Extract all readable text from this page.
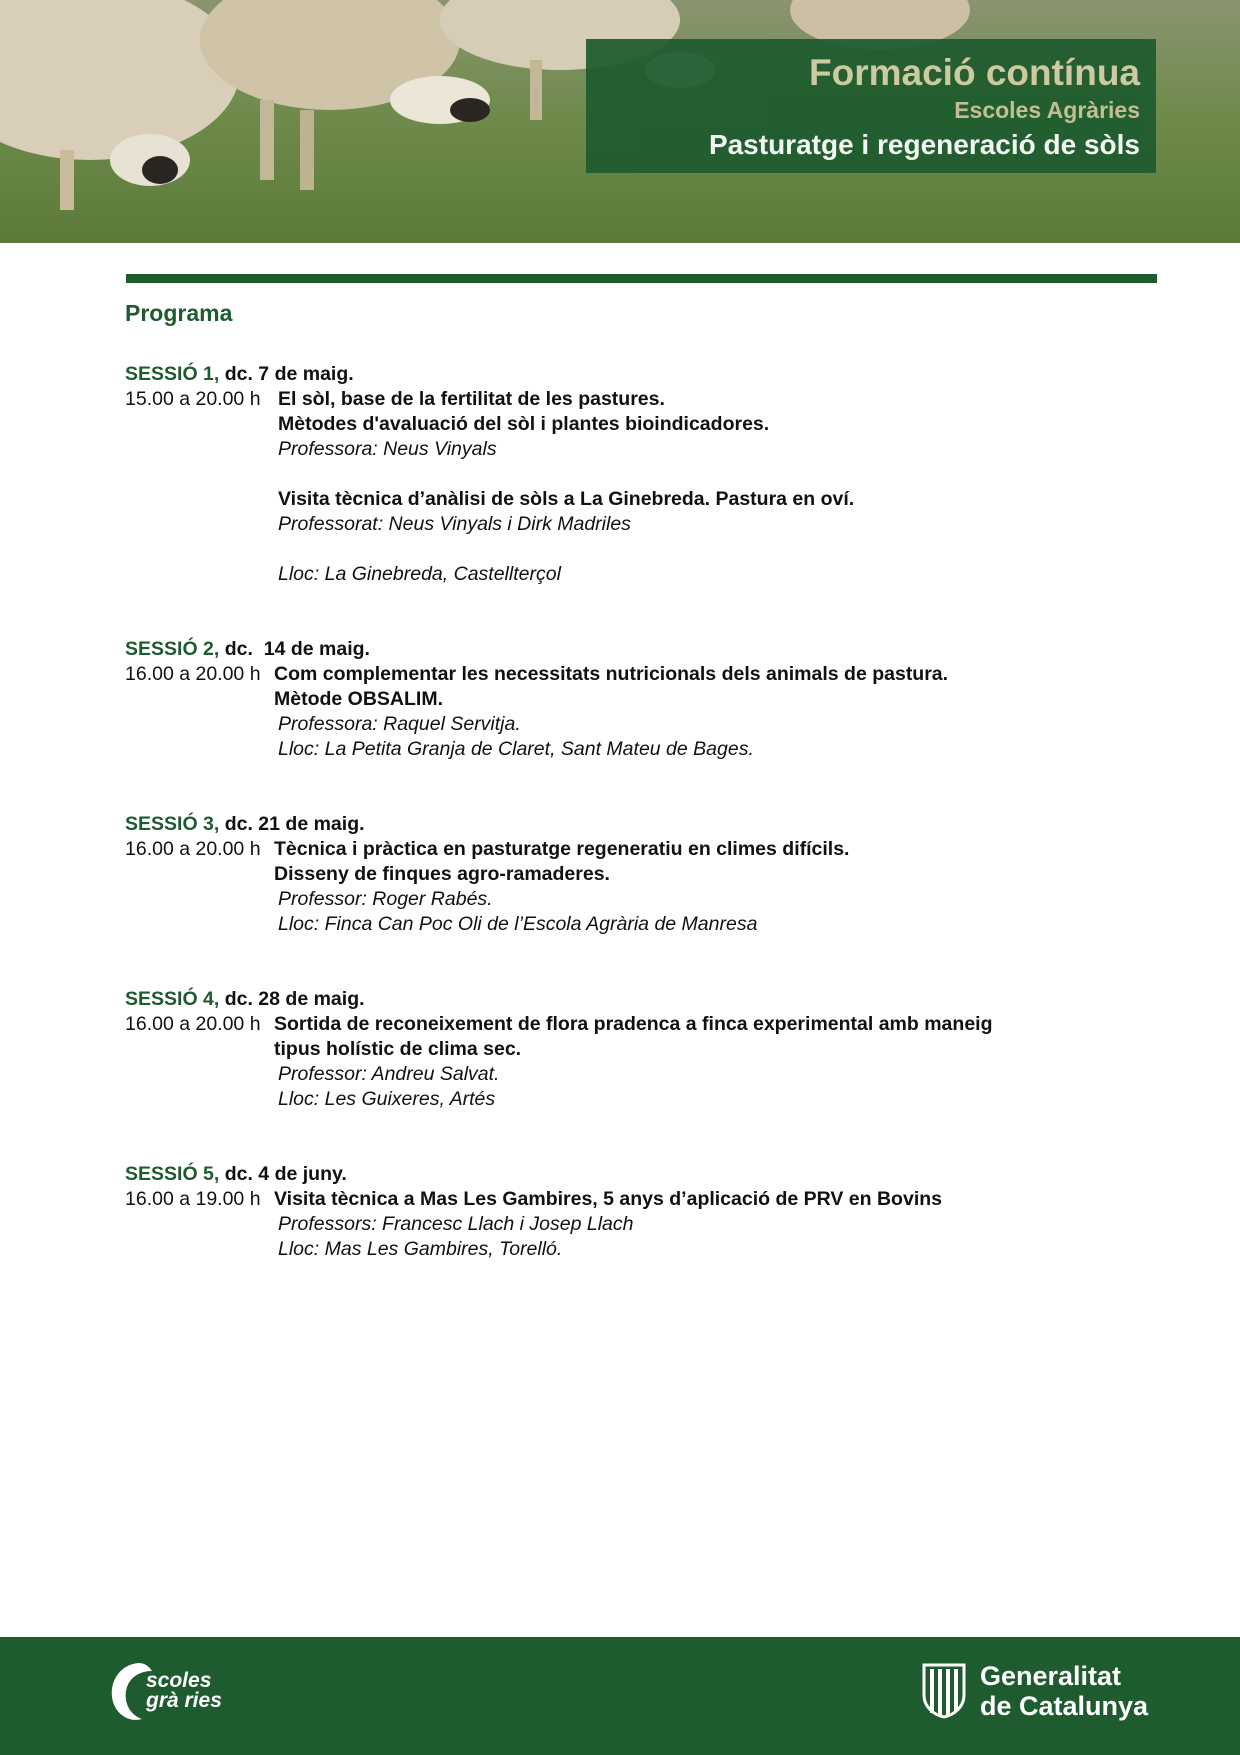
Formació contínua
Escoles Agràries
Pasturatge i regeneració de sòls
Programa
SESSIÓ 1, dc. 7 de maig.
15.00 a 20.00 h El sòl, base de la fertilitat de les pastures.
Mètodes d'avaluació del sòl i plantes bioindicadores.
Professora: Neus Vinyals
Visita tècnica d’anàlisi de sòls a La Ginebreda. Pastura en oví.
Professorat: Neus Vinyals i Dirk Madriles
Lloc: La Ginebreda, Castellterçol
SESSIÓ 2, dc.  14 de maig.
16.00 a 20.00 h Com complementar les necessitats nutricionals dels animals de pastura.
Mètode OBSALIM.
Professora: Raquel Servitja.
Lloc: La Petita Granja de Claret, Sant Mateu de Bages.
SESSIÓ 3, dc. 21 de maig.
16.00 a 20.00 h Tècnica i pràctica en pasturatge regeneratiu en climes difícils.
Disseny de finques agro-ramaderes.
Professor: Roger Rabés.
Lloc: Finca Can Poc Oli de l’Escola Agrària de Manresa
SESSIÓ 4, dc. 28 de maig.
16.00 a 20.00 h Sortida de reconeixement de flora pradenca a finca experimental amb maneig
tipus holístic de clima sec.
Professor: Andreu Salvat.
Lloc: Les Guixeres, Artés
SESSIÓ 5, dc. 4 de juny.
16.00 a 19.00 h Visita tècnica a Mas Les Gambires, 5 anys d’aplicació de PRV en Bovins
Professors: Francesc Llach i Josep Llach
Lloc: Mas Les Gambires, Torelló.
scoles
grà ries
Generalitat
de Catalunya
